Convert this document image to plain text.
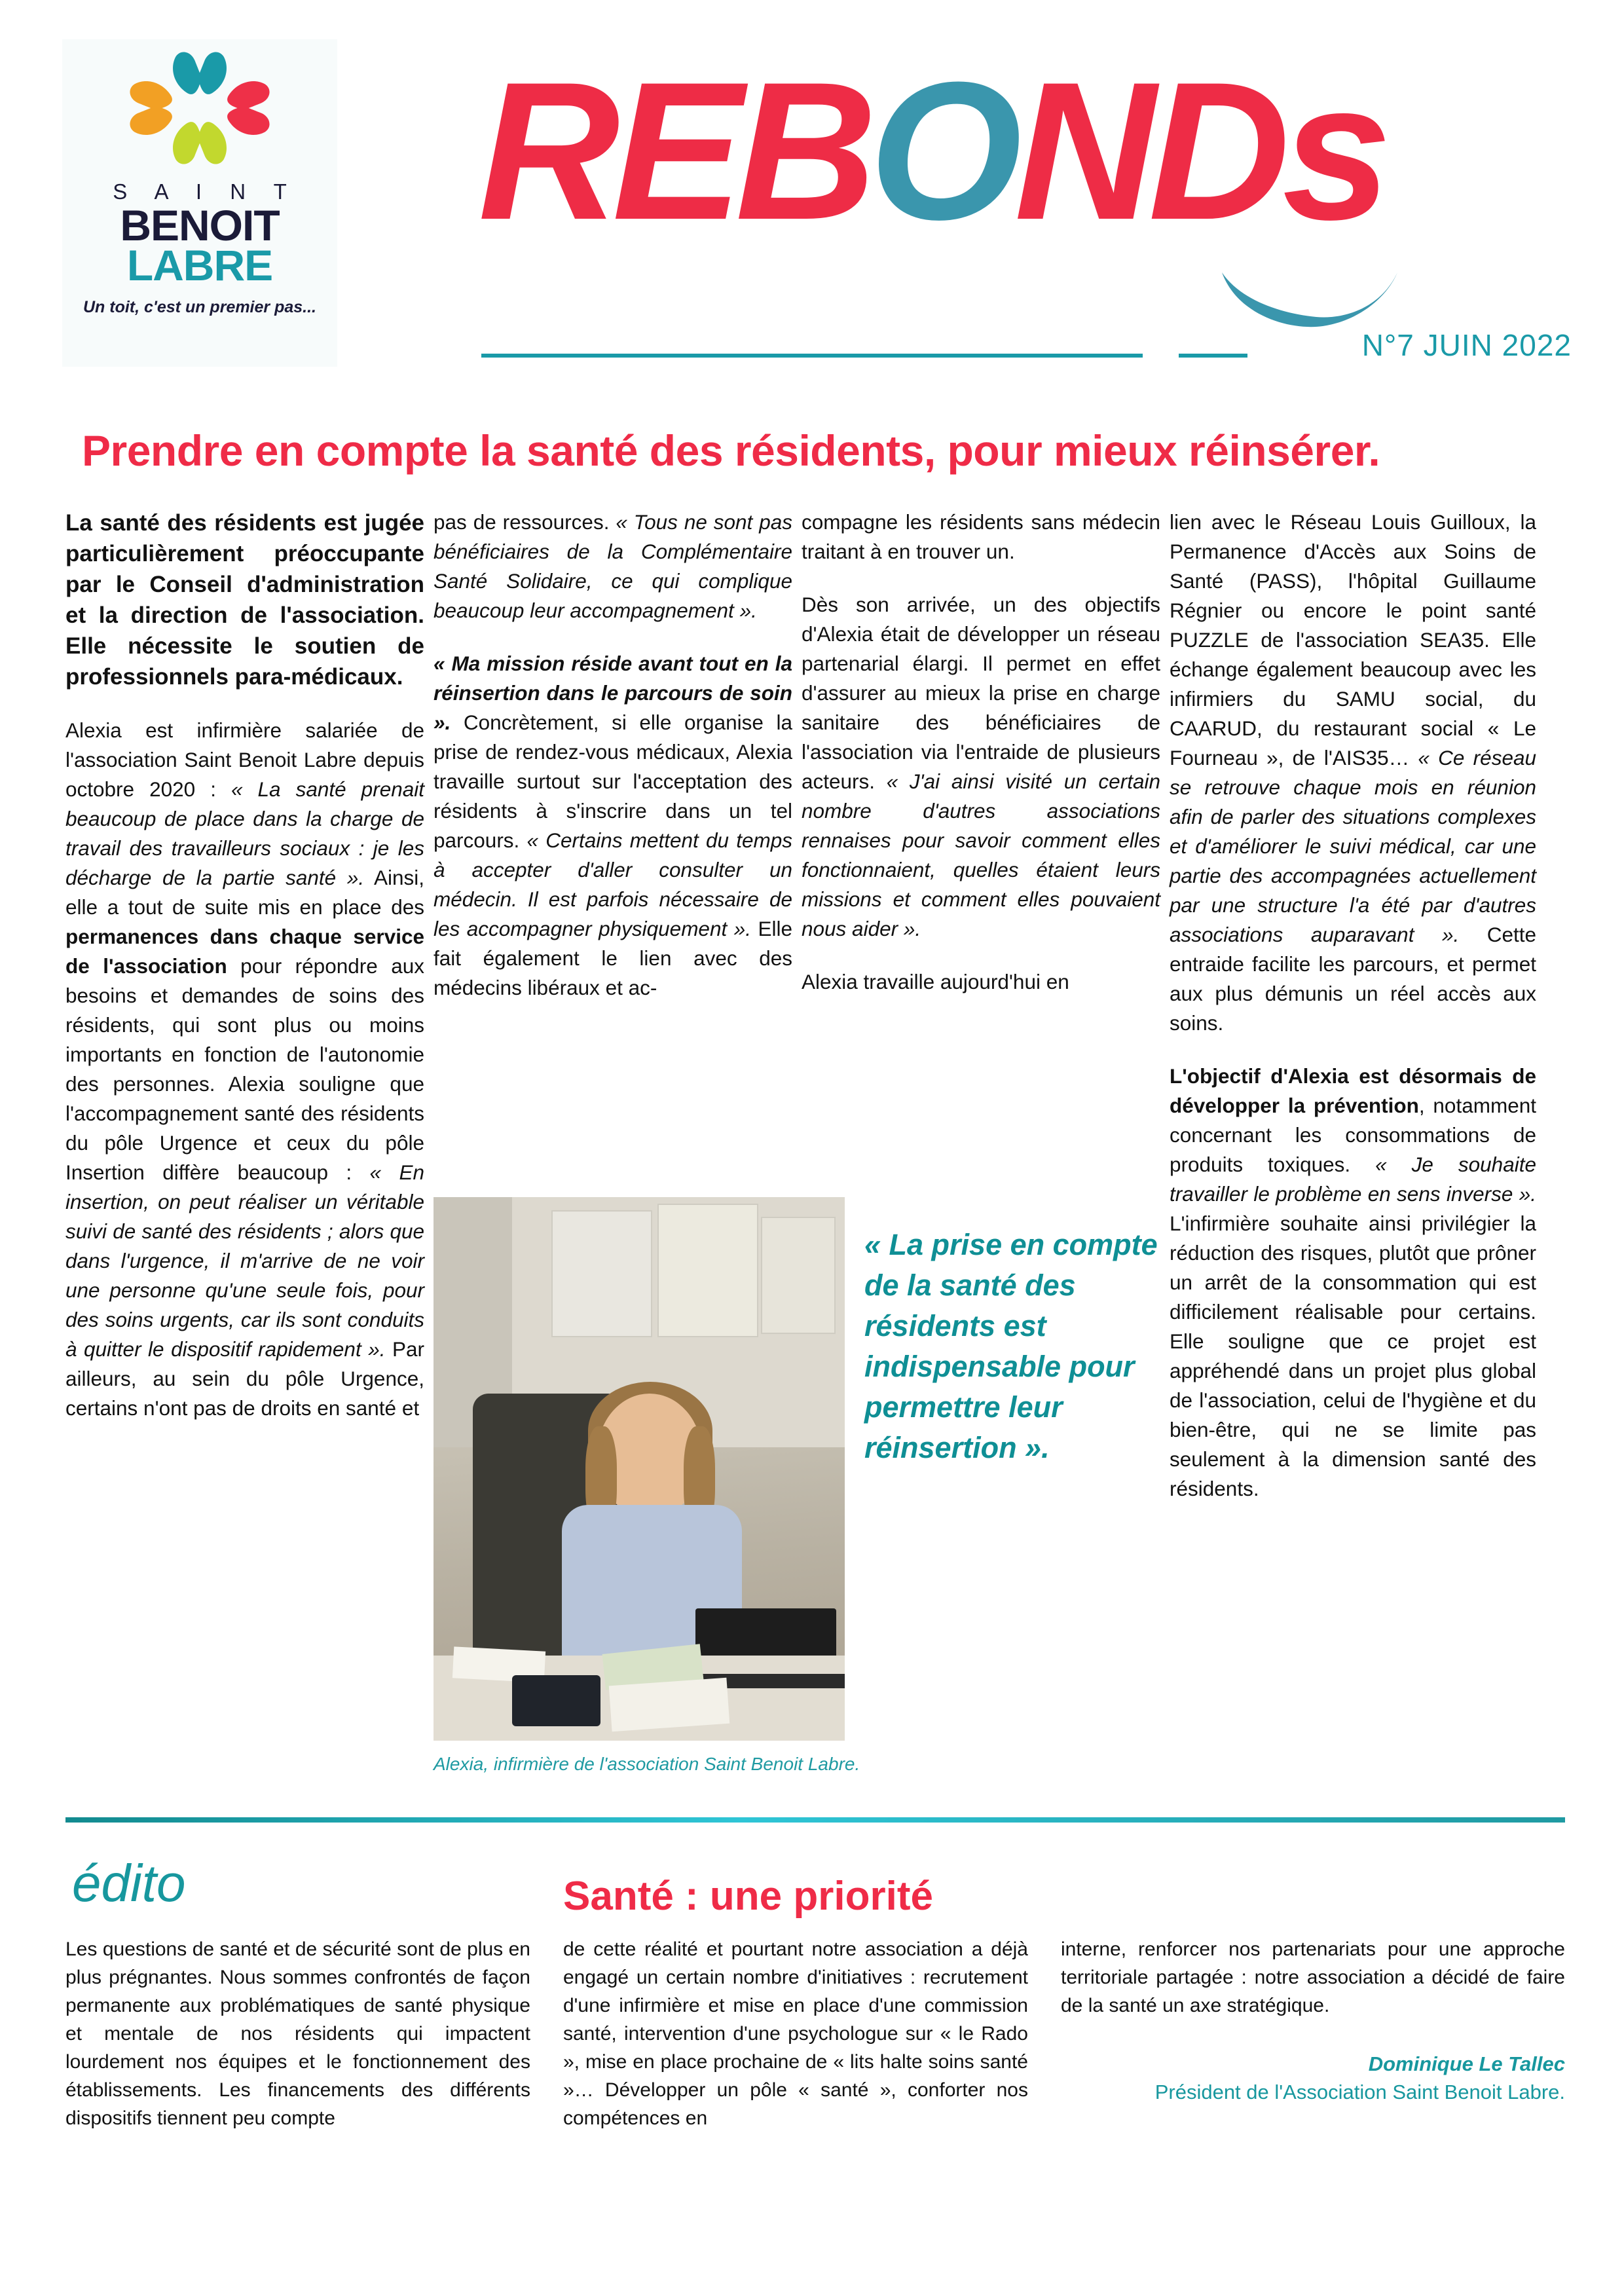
S A I N T
BENOIT
LABRE
Un toit, c'est un premier pas...
REBONDs
N°7 JUIN 2022
Prendre en compte la santé des résidents, pour mieux réinsérer.

La santé des résidents est jugée particulièrement préoccupante par le Conseil d'administration et la direction de l'association. Elle nécessite le soutien de professionnels para-médicaux.

Alexia est infirmière salariée de l'association Saint Benoit Labre depuis octobre 2020 : « La santé prenait beaucoup de place dans la charge de travail des travailleurs sociaux : je les décharge de la partie santé ». Ainsi, elle a tout de suite mis en place des permanences dans chaque service de l'association pour répondre aux besoins et demandes de soins des résidents, qui sont plus ou moins importants en fonction de l'autonomie des personnes. Alexia souligne que l'accompagnement santé des résidents du pôle Urgence et ceux du pôle Insertion diffère beaucoup : « En insertion, on peut réaliser un véritable suivi de santé des résidents ; alors que dans l'urgence, il m'arrive de ne voir une personne qu'une seule fois, pour des soins urgents, car ils sont conduits à quitter le dispositif rapidement ». Par ailleurs, au sein du pôle Urgence, certains n'ont pas de droits en santé et

pas de ressources. « Tous ne sont pas bénéficiaires de la Complémentaire Santé Solidaire, ce qui complique beaucoup leur accompagnement ».

« Ma mission réside avant tout en la réinsertion dans le parcours de soin ». Concrètement, si elle organise la prise de rendez-vous médicaux, Alexia travaille surtout sur l'acceptation des résidents à s'inscrire dans un tel parcours. « Certains mettent du temps à accepter d'aller consulter un médecin. Il est parfois nécessaire de les accompagner physiquement ». Elle fait également le lien avec des médecins libéraux et ac-

compagne les résidents sans médecin traitant à en trouver un.

Dès son arrivée, un des objectifs d'Alexia était de développer un réseau partenarial élargi. Il permet en effet d'assurer au mieux la prise en charge sanitaire des bénéficiaires de l'association via l'entraide de plusieurs acteurs. « J'ai ainsi visité un certain nombre d'autres associations rennaises pour savoir comment elles fonctionnaient, quelles étaient leurs missions et comment elles pouvaient nous aider ».

Alexia travaille aujourd'hui en

lien avec le Réseau Louis Guilloux, la Permanence d'Accès aux Soins de Santé (PASS), l'hôpital Guillaume Régnier ou encore le point santé PUZZLE de l'association SEA35. Elle échange également beaucoup avec les infirmiers du SAMU social, du CAARUD, du restaurant social « Le Fourneau », de l'AIS35… « Ce réseau se retrouve chaque mois en réunion afin de parler des situations complexes et d'améliorer le suivi médical, car une partie des accompagnées actuellement par une structure l'a été par d'autres associations auparavant ». Cette entraide facilite les parcours, et permet aux plus démunis un réel accès aux soins.

L'objectif d'Alexia est désormais de développer la prévention, notamment concernant les consommations de produits toxiques. « Je souhaite travailler le problème en sens inverse ». L'infirmière souhaite ainsi privilégier la réduction des risques, plutôt que prôner un arrêt de la consommation qui est difficilement réalisable pour certains. Elle souligne que ce projet est appréhendé dans un projet plus global de l'association, celui de l'hygiène et du bien-être, qui ne se limite pas seulement à la dimension santé des résidents.

Alexia, infirmière de l'association Saint Benoit Labre.
« La prise en compte de la santé des résidents est indispensable pour permettre leur réinsertion ».
édito	Santé : une priorité
Les questions de santé et de sécurité sont de plus en plus prégnantes. Nous sommes confrontés de façon permanente aux problématiques de santé physique et mentale de nos résidents qui impactent lourdement nos équipes et le fonctionnement des établissements. Les financements des différents dispositifs tiennent peu compte
de cette réalité et pourtant notre association a déjà engagé un certain nombre d'initiatives : recrutement d'une infirmière et mise en place d'une commission santé, intervention d'une psychologue sur « le Rado », mise en place prochaine de « lits halte soins santé »… Développer un pôle « santé », conforter nos compétences en
interne, renforcer nos partenariats pour une approche territoriale partagée : notre association a décidé de faire de la santé un axe stratégique.
Dominique Le Tallec
Président de l'Association Saint Benoit Labre.
